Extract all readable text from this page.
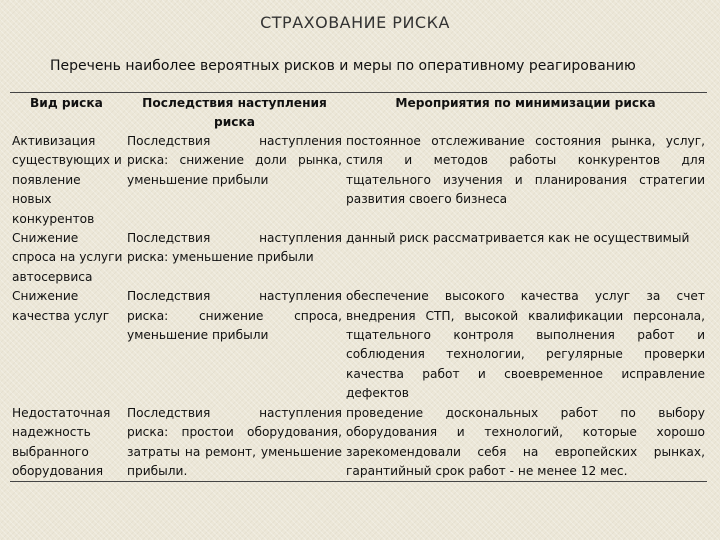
СТРАХОВАНИЕ РИСКА
Перечень наиболее вероятных рисков и меры по оперативному реагированию
Вид риска	Последствия наступления риска	Мероприятия по минимизации риска
Активизация существующих и появление новых конкурентов	Последствия наступления риска: снижение доли рынка, уменьшение прибыли	постоянное отслеживание состояния рынка, услуг, стиля и методов работы конкурентов для тщательного изучения и планирования стратегии развития своего бизнеса
Снижение спроса на услуги автосервиса	Последствия наступления риска: уменьшение прибыли	данный риск рассматривается как не осуществимый
Снижение качества услуг	Последствия наступления риска: снижение спроса, уменьшение прибыли	обеспечение высокого качества услуг за счет внедрения СТП, высокой квалификации персонала, тщательного контроля выполнения работ и соблюдения технологии, регулярные проверки качества работ и своевременное исправление дефектов
Недостаточная надежность выбранного оборудования	Последствия наступления риска: простои оборудования, затраты на ремонт, уменьшение прибыли.	проведение доскональных работ по выбору оборудования и технологий, которые хорошо зарекомендовали себя на европейских рынках, гарантийный срок работ - не менее 12 мес.
